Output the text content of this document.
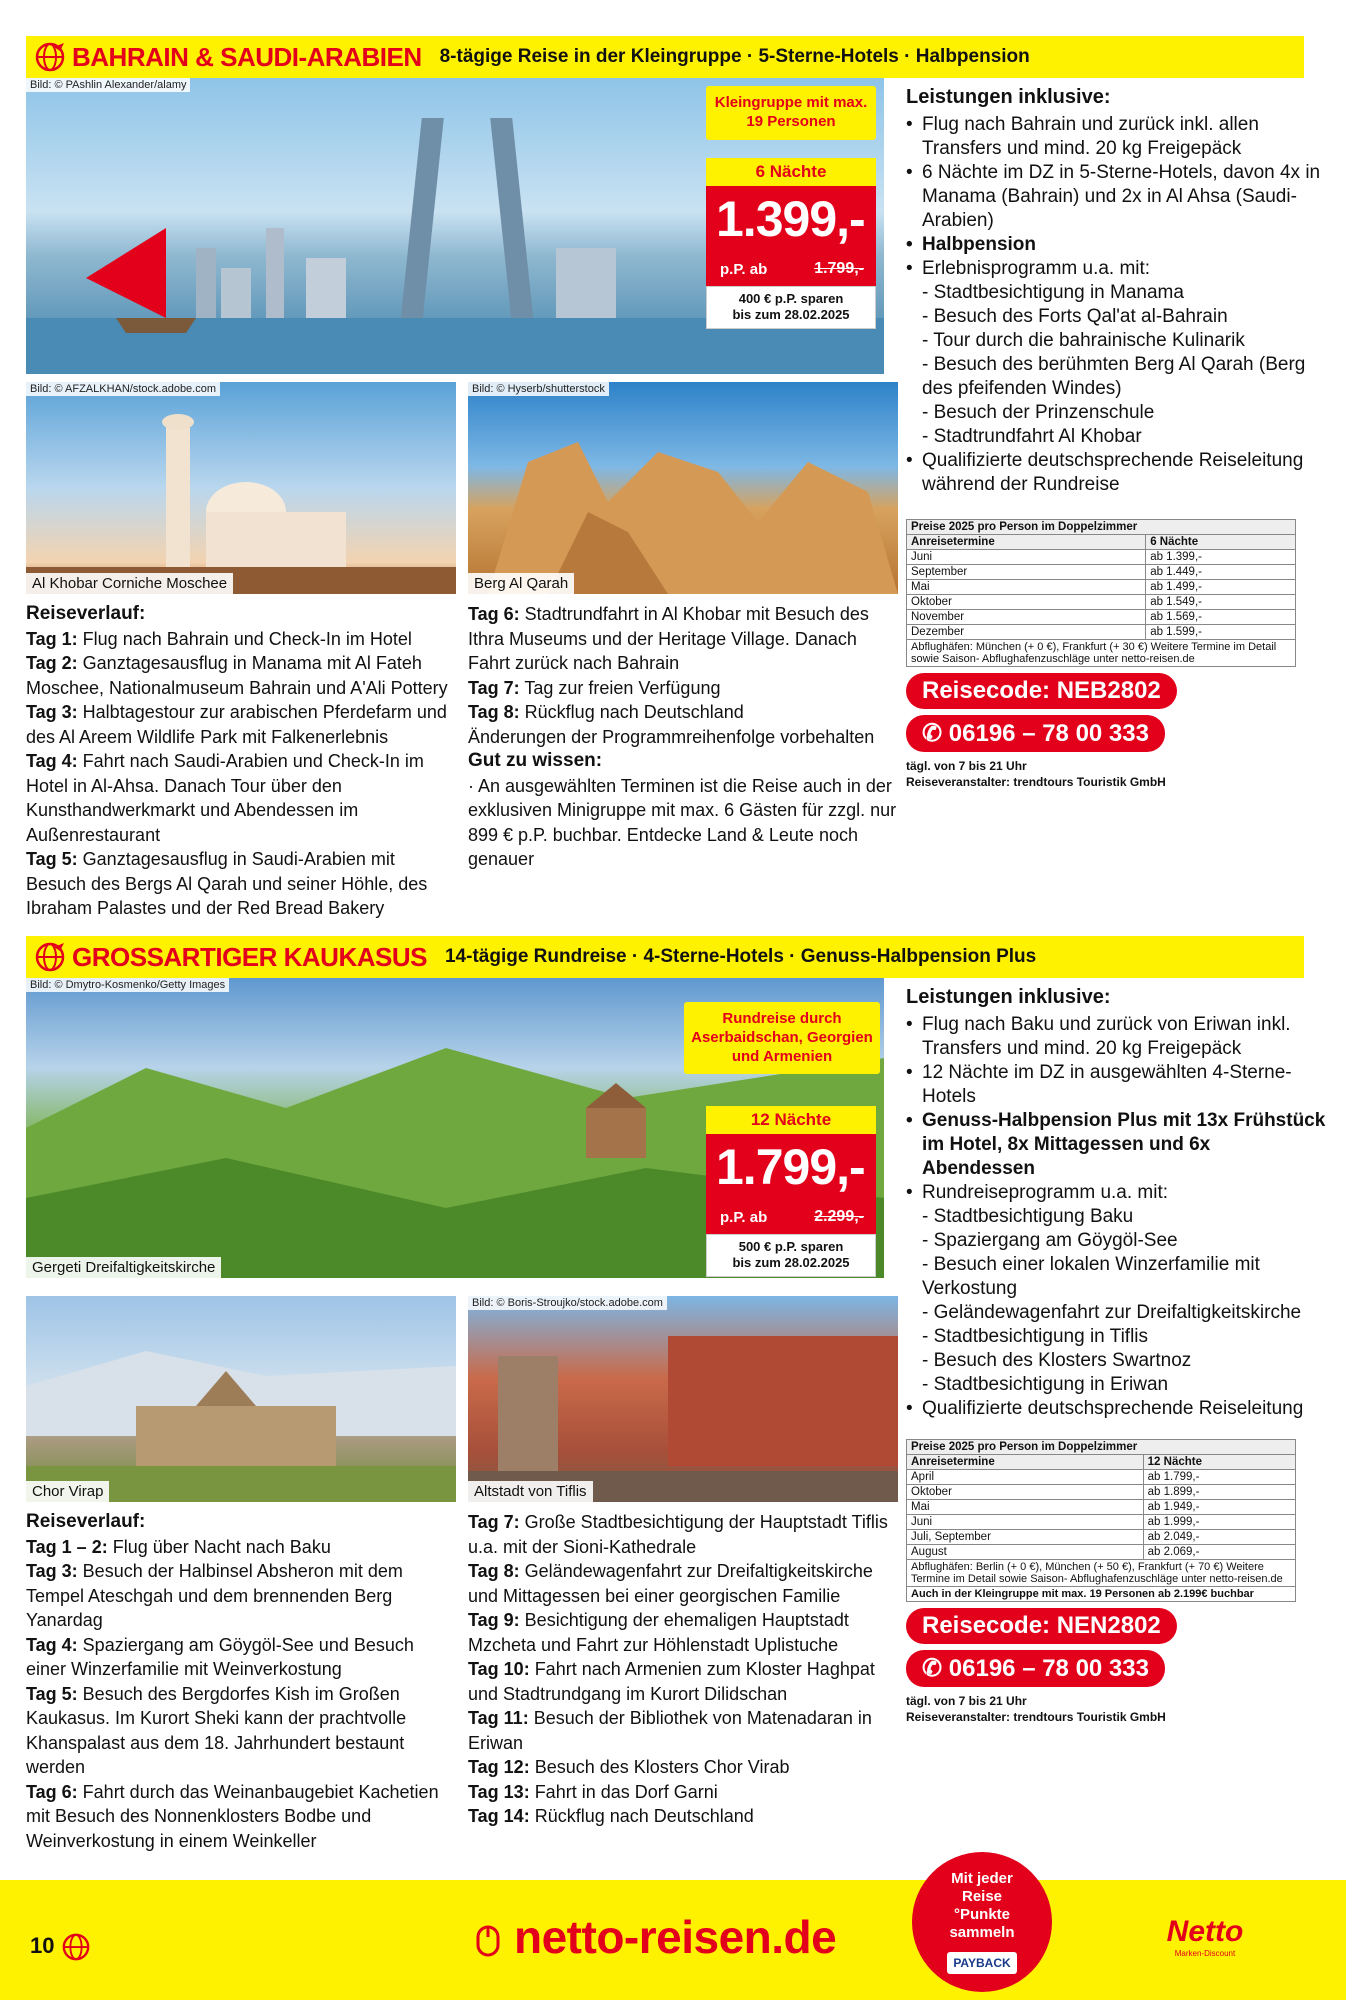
BAHRAIN & SAUDI-ARABIEN 8-tägige Reise in der Kleingruppe · 5-Sterne-Hotels · Halbpension
Bild: © PAshlin Alexander/alamy
Kleingruppe mit max. 19 Personen
6 Nächte
1.399,-
p.P. ab	1.799,-
400 € p.P. sparen
bis zum 28.02.2025
Bild: © AFZALKHAN/stock.adobe.com
Al Khobar Corniche Moschee
Bild: © Hyserb/shutterstock
Berg Al Qarah
Reiseverlauf:
Tag 1: Flug nach Bahrain und Check-In im Hotel
Tag 2: Ganztagesausflug in Manama mit Al Fateh Moschee, Nationalmuseum Bahrain und A'Ali Pottery
Tag 3: Halbtagestour zur arabischen Pferdefarm und des Al Areem Wildlife Park mit Falkenerlebnis
Tag 4: Fahrt nach Saudi-Arabien und Check-In im Hotel in Al-Ahsa. Danach Tour über den Kunsthandwerkmarkt und Abendessen im Außenrestaurant
Tag 5: Ganztagesausflug in Saudi-Arabien mit Besuch des Bergs Al Qarah und seiner Höhle, des Ibraham Palastes und der Red Bread Bakery
Tag 6: Stadtrundfahrt in Al Khobar mit Besuch des Ithra Museums und der Heritage Village. Danach Fahrt zurück nach Bahrain
Tag 7: Tag zur freien Verfügung
Tag 8: Rückflug nach Deutschland
Änderungen der Programmreihenfolge vorbehalten
Gut zu wissen:
· An ausgewählten Terminen ist die Reise auch in der exklusiven Minigruppe mit max. 6 Gästen für zzgl. nur 899 € p.P. buchbar. Entdecke Land & Leute noch genauer
Leistungen inklusive:
• Flug nach Bahrain und zurück inkl. allen Transfers und mind. 20 kg Freigepäck
• 6 Nächte im DZ in 5-Sterne-Hotels, davon 4x in Manama (Bahrain) und 2x in Al Ahsa (Saudi-Arabien)
• Halbpension
• Erlebnisprogramm u.a. mit:
- Stadtbesichtigung in Manama
- Besuch des Forts Qal'at al-Bahrain
- Tour durch die bahrainische Kulinarik
- Besuch des berühmten Berg Al Qarah (Berg des pfeifenden Windes)
- Besuch der Prinzenschule
- Stadtrundfahrt Al Khobar
• Qualifizierte deutschsprechende Reiseleitung während der Rundreise
Preise 2025 pro Person im Doppelzimmer	
Anreisetermine	6 Nächte
Juni	ab 1.399,-
September	ab 1.449,-
Mai	ab 1.499,-
Oktober	ab 1.549,-
November	ab 1.569,-
Dezember	ab 1.599,-
Abflughäfen: München (+ 0 €), Frankfurt (+ 30 €) Weitere Termine im Detail sowie Saison- Abflughafenzuschläge unter netto-reisen.de	
Reisecode: NEB2802
✆ 06196 – 78 00 333
tägl. von 7 bis 21 Uhr
Reiseveranstalter: trendtours Touristik GmbH
GROSSARTIGER KAUKASUS 14-tägige Rundreise · 4-Sterne-Hotels · Genuss-Halbpension Plus
Bild: © Dmytro-Kosmenko/Getty Images
Gergeti Dreifaltigkeitskirche
Rundreise durch Aserbaidschan, Georgien und Armenien
12 Nächte
1.799,-
p.P. ab	2.299,-
500 € p.P. sparen
bis zum 28.02.2025
Chor Virap
Bild: © Boris-Stroujko/stock.adobe.com
Altstadt von Tiflis
Reiseverlauf:
Tag 1 – 2: Flug über Nacht nach Baku
Tag 3: Besuch der Halbinsel Absheron mit dem Tempel Ateschgah und dem brennenden Berg Yanardag
Tag 4: Spaziergang am Göygöl-See und Besuch einer Winzerfamilie mit Weinverkostung
Tag 5: Besuch des Bergdorfes Kish im Großen Kaukasus. Im Kurort Sheki kann der prachtvolle Khanspalast aus dem 18. Jahrhundert bestaunt werden
Tag 6: Fahrt durch das Weinanbaugebiet Kachetien mit Besuch des Nonnenklosters Bodbe und Weinverkostung in einem Weinkeller
Tag 7: Große Stadtbesichtigung der Hauptstadt Tiflis u.a. mit der Sioni-Kathedrale
Tag 8: Geländewagenfahrt zur Dreifaltigkeitskirche und Mittagessen bei einer georgischen Familie
Tag 9: Besichtigung der ehemaligen Hauptstadt Mzcheta und Fahrt zur Höhlenstadt Uplistuche
Tag 10: Fahrt nach Armenien zum Kloster Haghpat und Stadtrundgang im Kurort Dilidschan
Tag 11: Besuch der Bibliothek von Matenadaran in Eriwan
Tag 12: Besuch des Klosters Chor Virab
Tag 13: Fahrt in das Dorf Garni
Tag 14: Rückflug nach Deutschland
Leistungen inklusive:
• Flug nach Baku und zurück von Eriwan inkl. Transfers und mind. 20 kg Freigepäck
• 12 Nächte im DZ in ausgewählten 4-Sterne-Hotels
• Genuss-Halbpension Plus mit 13x Frühstück im Hotel, 8x Mittagessen und 6x Abendessen
• Rundreiseprogramm u.a. mit:
- Stadtbesichtigung Baku
- Spaziergang am Göygöl-See
- Besuch einer lokalen Winzerfamilie mit Verkostung
- Geländewagenfahrt zur Dreifaltigkeitskirche
- Stadtbesichtigung in Tiflis
- Besuch des Klosters Swartnoz
- Stadtbesichtigung in Eriwan
• Qualifizierte deutschsprechende Reiseleitung
Preise 2025 pro Person im Doppelzimmer	
Anreisetermine	12 Nächte
April	ab 1.799,-
Oktober	ab 1.899,-
Mai	ab 1.949,-
Juni	ab 1.999,-
Juli, September	ab 2.049,-
August	ab 2.069,-
Abflughäfen: Berlin (+ 0 €), München (+ 50 €), Frankfurt (+ 70 €) Weitere Termine im Detail sowie Saison- Abflughafenzuschläge unter netto-reisen.de	
Auch in der Kleingruppe mit max. 19 Personen ab 2.199€ buchbar	
Reisecode: NEN2802
✆ 06196 – 78 00 333
tägl. von 7 bis 21 Uhr
Reiseveranstalter: trendtours Touristik GmbH
10	netto-reisen.de
Mit jeder Reise °Punkte sammeln
PAYBACK
Netto
Marken-Discount
